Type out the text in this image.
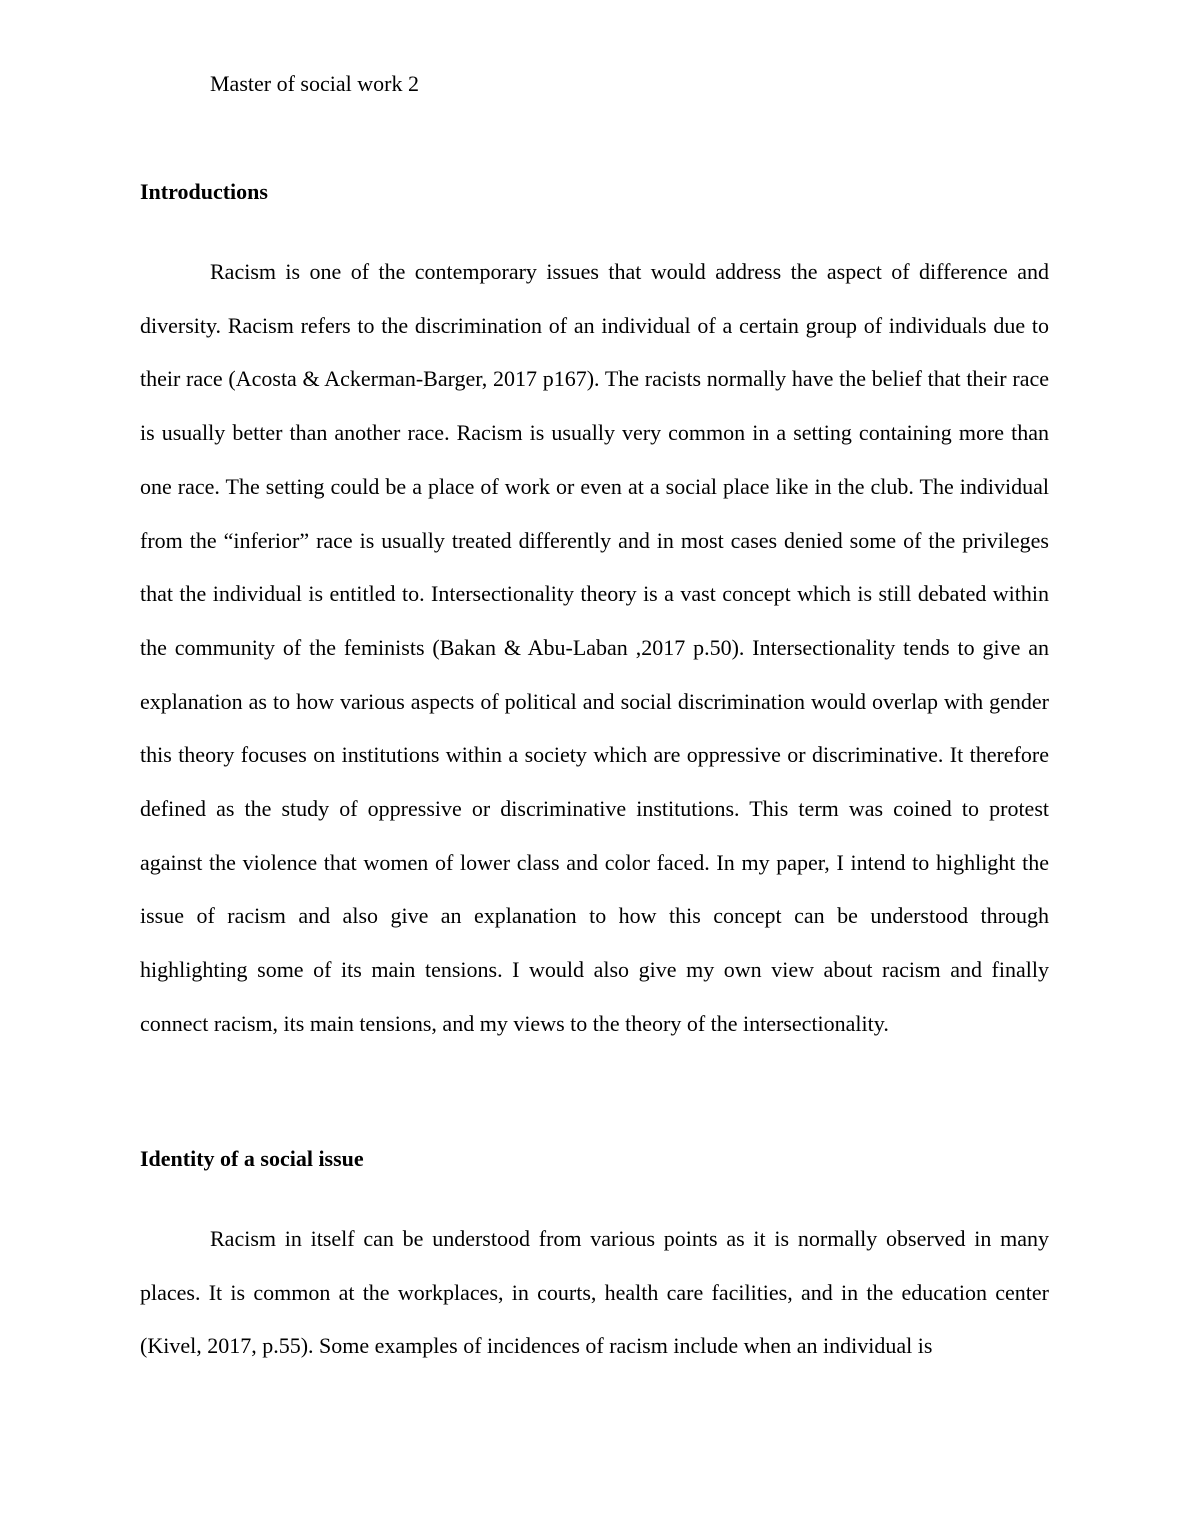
Master of social work 2
Introductions

Racism is one of the contemporary issues that would address the aspect of difference and diversity. Racism refers to the discrimination of an individual of a certain group of individuals due to their race (Acosta & Ackerman-Barger, 2017 p167). The racists normally have the belief that their race is usually better than another race. Racism is usually very common in a setting containing more than one race. The setting could be a place of work or even at a social place like in the club. The individual from the “inferior” race is usually treated differently and in most cases denied some of the privileges that the individual is entitled to. Intersectionality theory is a vast concept which is still debated within the community of the feminists (Bakan & Abu-Laban ,2017 p.50). Intersectionality tends to give an explanation as to how various aspects of political and social discrimination would overlap with gender this theory focuses on institutions within a society which are oppressive or discriminative. It therefore defined as the study of oppressive or discriminative institutions. This term was coined to protest against the violence that women of lower class and color faced. In my paper, I intend to highlight the issue of racism and also give an explanation to how this concept can be understood through highlighting some of its main tensions. I would also give my own view about racism and finally connect racism, its main tensions, and my views to the theory of the intersectionality.

Identity of a social issue

Racism in itself can be understood from various points as it is normally observed in many places. It is common at the workplaces, in courts, health care facilities, and in the education center (Kivel, 2017, p.55). Some examples of incidences of racism include when an individual is
